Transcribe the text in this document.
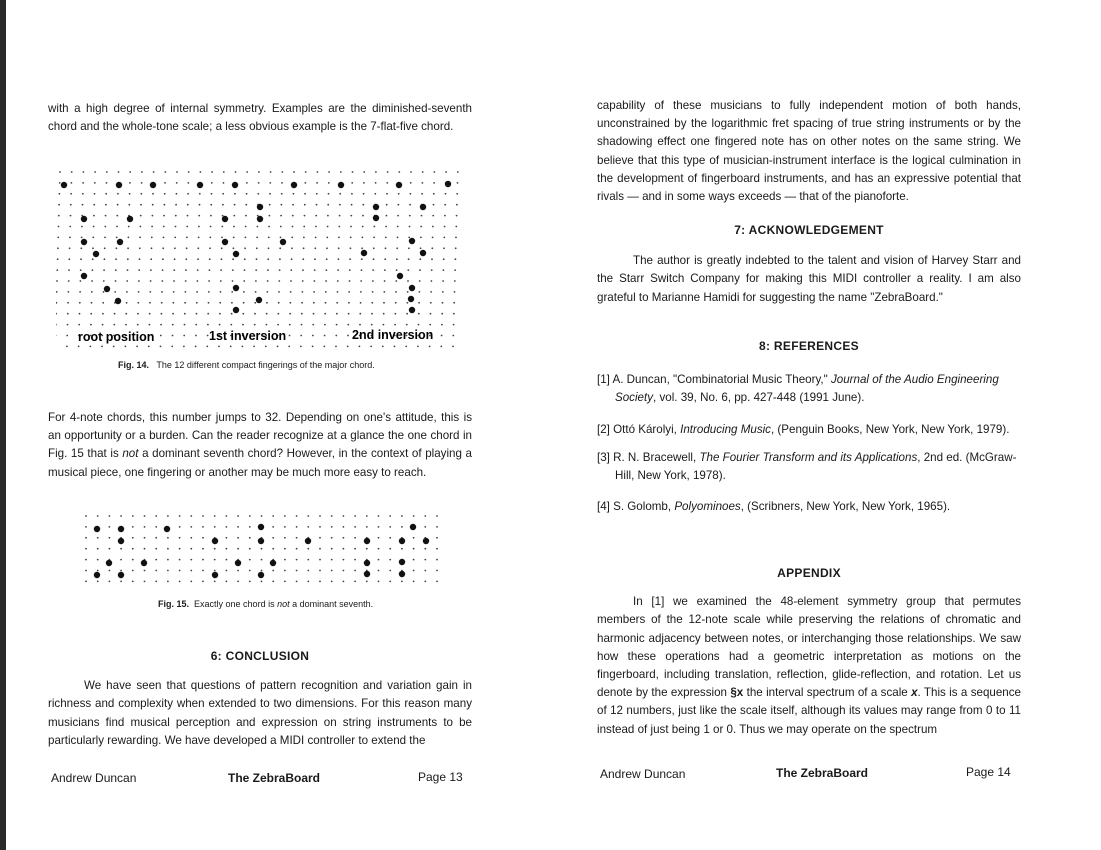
with a high degree of internal symmetry. Examples are the diminished-seventh chord and the whole-tone scale; a less obvious example is the 7-flat-five chord.

root position	1st inversion	2nd inversion
Fig. 14. The 12 different compact fingerings of the major chord.

For 4-note chords, this number jumps to 32. Depending on one's attitude, this is an opportunity or a burden. Can the reader recognize at a glance the one chord in Fig. 15 that is not a dominant seventh chord? However, in the context of playing a musical piece, one fingering or another may be much more easy to reach.

Fig. 15. Exactly one chord is not a dominant seventh.
6: CONCLUSION

We have seen that questions of pattern recognition and variation gain in richness and complexity when extended to two dimensions. For this reason many musicians find musical perception and expression on string instruments to be particularly rewarding. We have developed a MIDI controller to extend the

Andrew Duncan	The ZebraBoard	Page 13

capability of these musicians to fully independent motion of both hands, unconstrained by the logarithmic fret spacing of true string instruments or by the shadowing effect one fingered note has on other notes on the same string. We believe that this type of musician-instrument interface is the logical culmination in the development of fingerboard instruments, and has an expressive potential that rivals — and in some ways exceeds — that of the pianoforte.

7: ACKNOWLEDGEMENT

The author is greatly indebted to the talent and vision of Harvey Starr and the Starr Switch Company for making this MIDI controller a reality. I am also grateful to Marianne Hamidi for suggesting the name "ZebraBoard."

8: REFERENCES

[1] A. Duncan, "Combinatorial Music Theory," Journal of the Audio Engineering Society, vol. 39, No. 6, pp. 427-448 (1991 June).

[2] Ottó Károlyi, Introducing Music, (Penguin Books, New York, New York, 1979).

[3] R. N. Bracewell, The Fourier Transform and its Applications, 2nd ed. (McGraw-Hill, New York, 1978).

[4] S. Golomb, Polyominoes, (Scribners, New York, New York, 1965).

APPENDIX

In [1] we examined the 48-element symmetry group that permutes members of the 12-note scale while preserving the relations of chromatic and harmonic adjacency between notes, or interchanging those relationships. We saw how these operations had a geometric interpretation as motions on the fingerboard, including translation, reflection, glide-reflection, and rotation. Let us denote by the expression §x the interval spectrum of a scale x. This is a sequence of 12 numbers, just like the scale itself, although its values may range from 0 to 11 instead of just being 1 or 0. Thus we may operate on the spectrum

Andrew Duncan	The ZebraBoard	Page 14
